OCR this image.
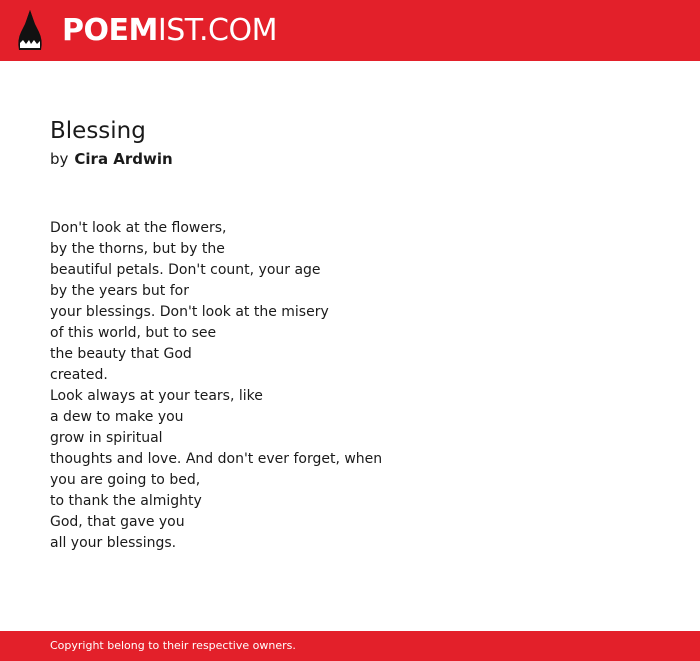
POEMIST.COM
Blessing
by Cira Ardwin
Don't look at the flowers,
by the thorns, but by the
beautiful petals. Don't count, your age
by the years but for
your blessings. Don't look at the misery
of this world, but to see
the beauty that God
created.
Look always at your tears, like
a dew to make you
grow in spiritual
thoughts and love. And don't ever forget, when
you are going to bed,
to thank the almighty
God, that gave you
all your blessings.
Copyright belong to their respective owners.
